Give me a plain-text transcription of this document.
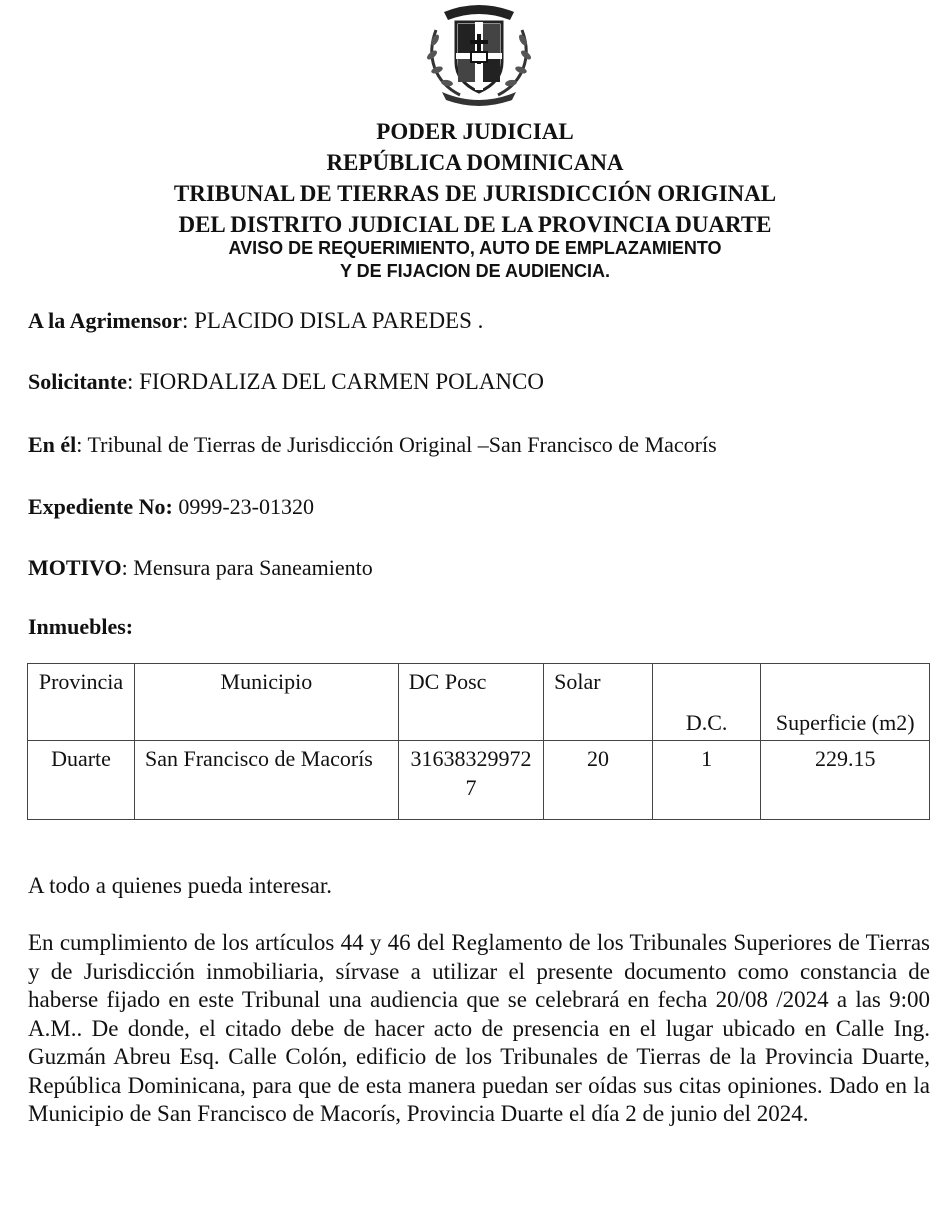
PODER JUDICIAL
REPÚBLICA DOMINICANA
TRIBUNAL DE TIERRAS DE JURISDICCIÓN ORIGINAL
DEL DISTRITO JUDICIAL DE LA PROVINCIA DUARTE
AVISO DE REQUERIMIENTO, AUTO DE EMPLAZAMIENTO
Y DE FIJACION DE AUDIENCIA.
A la Agrimensor: PLACIDO DISLA PAREDES .
Solicitante: FIORDALIZA DEL CARMEN POLANCO
En él: Tribunal de Tierras de Jurisdicción Original –San Francisco de Macorís
Expediente No: 0999-23-01320
MOTIVO: Mensura para Saneamiento
Inmuebles:
Provincia	Municipio	DC Posc	Solar	D.C.	Superficie (m2)
Duarte	San Francisco de Macorís	316383299727	20	1	229.15
A todo a quienes pueda interesar.
En cumplimiento de los artículos 44 y 46 del Reglamento de los Tribunales Superiores de Tierras y de Jurisdicción inmobiliaria, sírvase a utilizar el presente documento como constancia de haberse fijado en este Tribunal una audiencia que se celebrará en fecha 20/08 /2024 a las 9:00 A.M.. De donde, el citado debe de hacer acto de presencia en el lugar ubicado en Calle Ing. Guzmán Abreu Esq. Calle Colón, edificio de los Tribunales de Tierras de la Provincia Duarte, República Dominicana, para que de esta manera puedan ser oídas sus citas opiniones. Dado en la Municipio de San Francisco de Macorís, Provincia Duarte el día 2 de junio del 2024.
